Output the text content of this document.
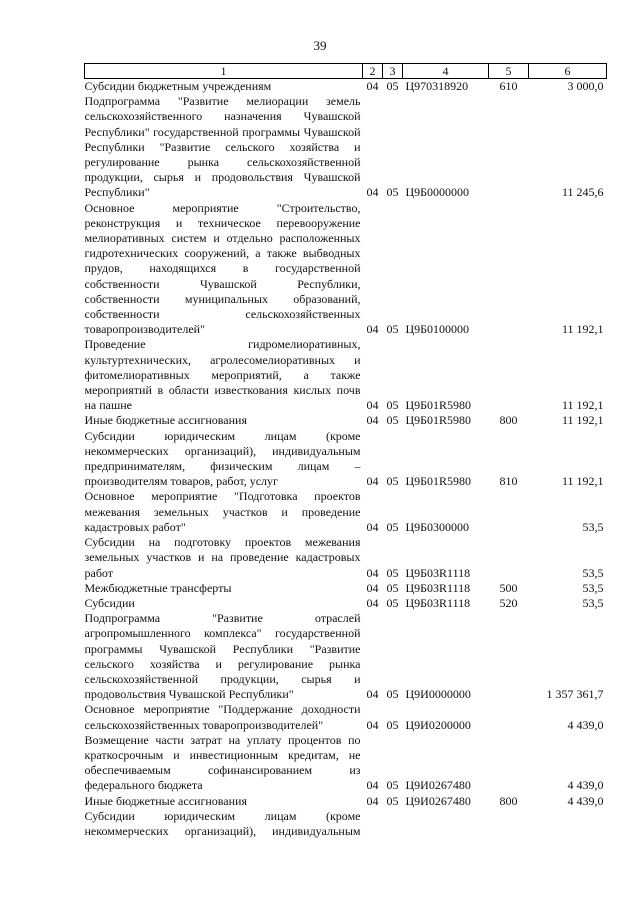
39
1	2	3	4	5	6
Субсидии бюджетным учреждениям	04	05	Ц970318920	610	3 000,0
Подпрограмма "Развитие мелиорации земель сельскохозяйственного назначения Чувашской Республики" государственной программы Чувашской Республики "Развитие сельского хозяйства и регулирование рынка сельскохозяйственной продукции, сырья и продовольствия Чувашской Республики"	04	05	Ц9Б0000000		11 245,6
Основное мероприятие "Строительство, реконструкция и техническое перевооружение мелиоративных систем и отдельно расположенных гидротехнических сооружений, а также выбводных прудов, находящихся в государственной собственности Чувашской Республики, собственности муниципальных образований, собственности сельскохозяйственных товаропроизводителей"	04	05	Ц9Б0100000		11 192,1
Проведение гидромелиоративных, культуртехнических, агролесомелиоративных и фитомелиоративных мероприятий, а также мероприятий в области известкования кислых почв на пашне	04	05	Ц9Б01R5980		11 192,1
Иные бюджетные ассигнования	04	05	Ц9Б01R5980	800	11 192,1
Субсидии юридическим лицам (кроме некоммерческих организаций), индивидуальным предпринимателям, физическим лицам – производителям товаров, работ, услуг	04	05	Ц9Б01R5980	810	11 192,1
Основное мероприятие "Подготовка проектов межевания земельных участков и проведение кадастровых работ"	04	05	Ц9Б0300000		53,5
Субсидии на подготовку проектов межевания земельных участков и на проведение кадастровых работ	04	05	Ц9Б03R1118		53,5
Межбюджетные трансферты	04	05	Ц9Б03R1118	500	53,5
Субсидии	04	05	Ц9Б03R1118	520	53,5
Подпрограмма "Развитие отраслей агропромышленного комплекса" государственной программы Чувашской Республики "Развитие сельского хозяйства и регулирование рынка сельскохозяйственной продукции, сырья и продовольствия Чувашской Республики"	04	05	Ц9И0000000		1 357 361,7
Основное мероприятие "Поддержание доходности сельскохозяйственных товаропроизводителей"	04	05	Ц9И0200000		4 439,0
Возмещение части затрат на уплату процентов по краткосрочным и инвестиционным кредитам, не обеспечиваемым софинансированием из федерального бюджета	04	05	Ц9И0267480		4 439,0
Иные бюджетные ассигнования	04	05	Ц9И0267480	800	4 439,0
Субсидии юридическим лицам (кроме некоммерческих организаций), индивидуальным					
